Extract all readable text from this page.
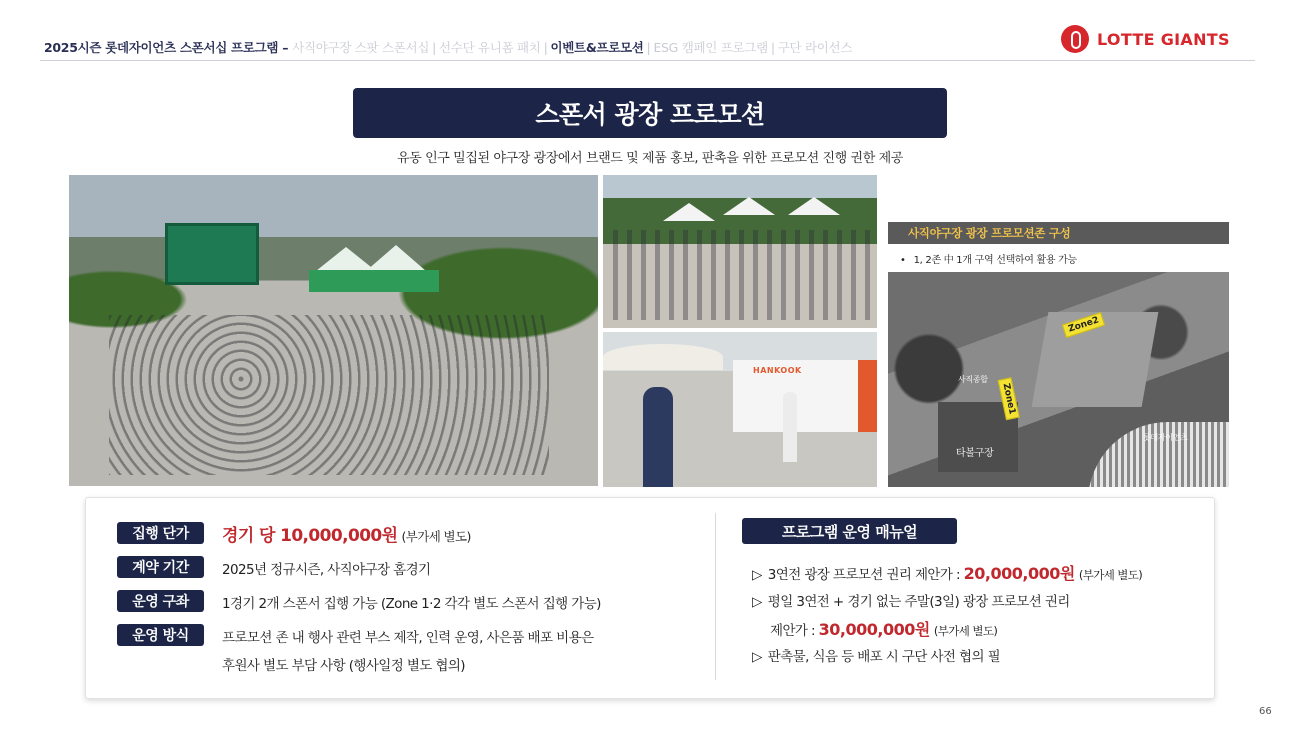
2025시즌 롯데자이언츠 스폰서십 프로그램 – 사직야구장 스팟 스폰서십 | 선수단 유니폼 패치 | 이벤트&프로모션 | ESG 캠페인 프로그램 | 구단 라이선스	LOTTE GIANTS
스폰서 광장 프로모션
유동 인구 밀집된 야구장 광장에서 브랜드 및 제품 홍보, 판촉을 위한 프로모션 진행 권한 제공
HANKOOK
사직야구장 광장 프로모션존 구성
• 1, 2존 中 1개 구역 선택하여 활용 가능
Zone2
Zone1
타볼구장
롯데자이언츠
사직종합
집행 단가	경기 당 10,000,000원 (부가세 별도)
계약 기간	2025년 정규시즌, 사직야구장 홈경기
운영 구좌	1경기 2개 스폰서 집행 가능 (Zone 1·2 각각 별도 스폰서 집행 가능)
운영 방식	프로모션 존 내 행사 관련 부스 제작, 인력 운영, 사은품 배포 비용은
후원사 별도 부담 사항 (행사일정 별도 협의)
프로그램 운영 매뉴얼
▷ 3연전 광장 프로모션 권리 제안가 : 20,000,000원 (부가세 별도)
▷ 평일 3연전 + 경기 없는 주말(3일) 광장 프로모션 권리
제안가 : 30,000,000원 (부가세 별도)
▷ 판촉물, 식음 등 배포 시 구단 사전 협의 필
66
